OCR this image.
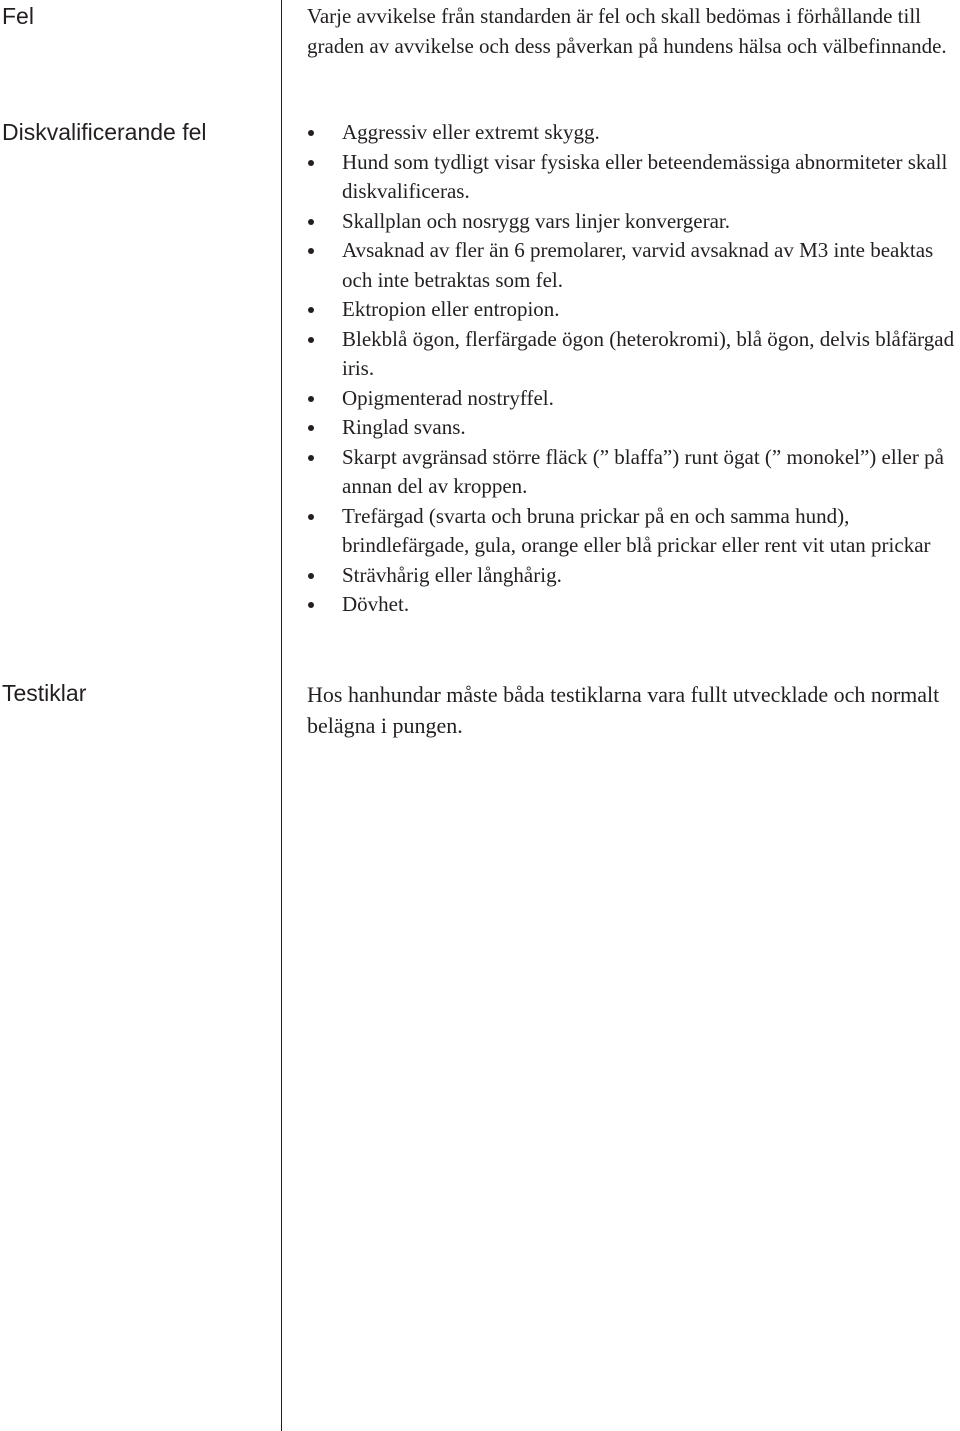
Fel	Varje avvikelse från standarden är fel och skall bedömas i förhållande till graden av avvikelse och dess påverkan på hundens hälsa och välbefinnande.

Diskvalificerande fel	Aggressiv eller extremt skygg.
Hund som tydligt visar fysiska eller beteendemässiga abnormiteter skall diskvalificeras.
Skallplan och nosrygg vars linjer konvergerar.
Avsaknad av fler än 6 premolarer, varvid avsaknad av M3 inte beaktas och inte betraktas som fel.
Ektropion eller entropion.
Blekblå ögon, flerfärgade ögon (heterokromi), blå ögon, delvis blåfärgad iris.
Opigmenterad nostryffel.
Ringlad svans.
Skarpt avgränsad större fläck (” blaffa”) runt ögat (” monokel”) eller på annan del av kroppen.
Trefärgad (svarta och bruna prickar på en och samma hund), brindlefärgade, gula, orange eller blå prickar eller rent vit utan prickar
Strävhårig eller långhårig.
Dövhet.
Testiklar	Hos hanhundar måste båda testiklarna vara fullt utvecklade och normalt belägna i pungen.
